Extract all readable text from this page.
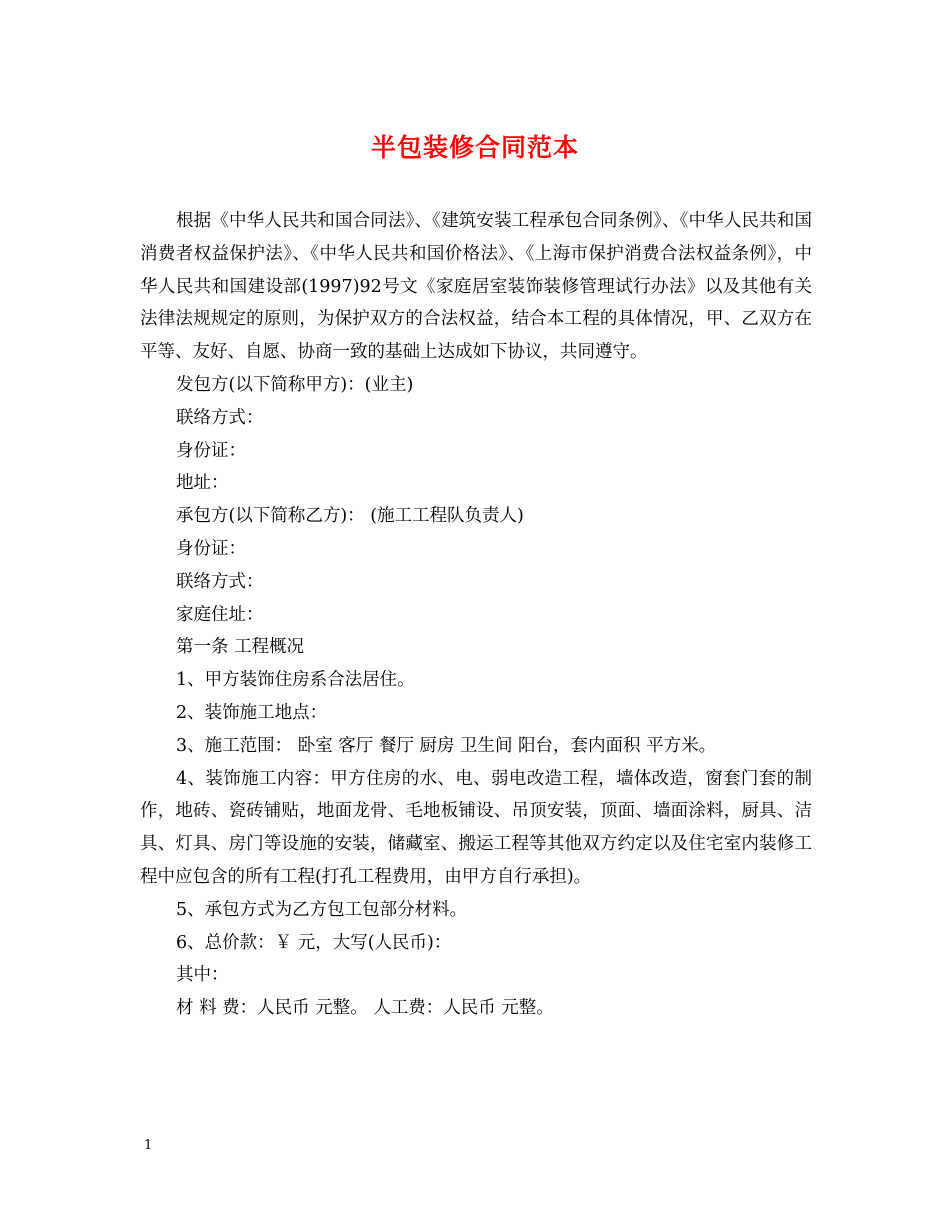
半包装修合同范本

根据《中华人民共和国合同法》、《建筑安装工程承包合同条例》、《中华人民共和国消费者权益保护法》、《中华人民共和国价格法》、《上海市保护消费合法权益条例》，中华人民共和国建设部(1997)92号文《家庭居室装饰装修管理试行办法》以及其他有关法律法规规定的原则，为保护双方的合法权益，结合本工程的具体情况，甲、乙双方在平等、友好、自愿、协商一致的基础上达成如下协议，共同遵守。

发包方(以下简称甲方)：(业主)

联络方式：

身份证：

地址：

承包方(以下简称乙方)： (施工工程队负责人)

身份证：

联络方式：

家庭住址：

第一条 工程概况

1、甲方装饰住房系合法居住。

2、装饰施工地点：

3、施工范围： 卧室 客厅 餐厅 厨房 卫生间 阳台，套内面积 平方米。

4、装饰施工内容：甲方住房的水、电、弱电改造工程，墙体改造，窗套门套的制作，地砖、瓷砖铺贴，地面龙骨、毛地板铺设、吊顶安装，顶面、墙面涂料，厨具、洁具、灯具、房门等设施的安装，储藏室、搬运工程等其他双方约定以及住宅室内装修工程中应包含的所有工程(打孔工程费用，由甲方自行承担)。

5、承包方式为乙方包工包部分材料。

6、总价款：￥ 元，大写(人民币)：

其中：

材 料 费：人民币 元整。 人工费：人民币 元整。

1
